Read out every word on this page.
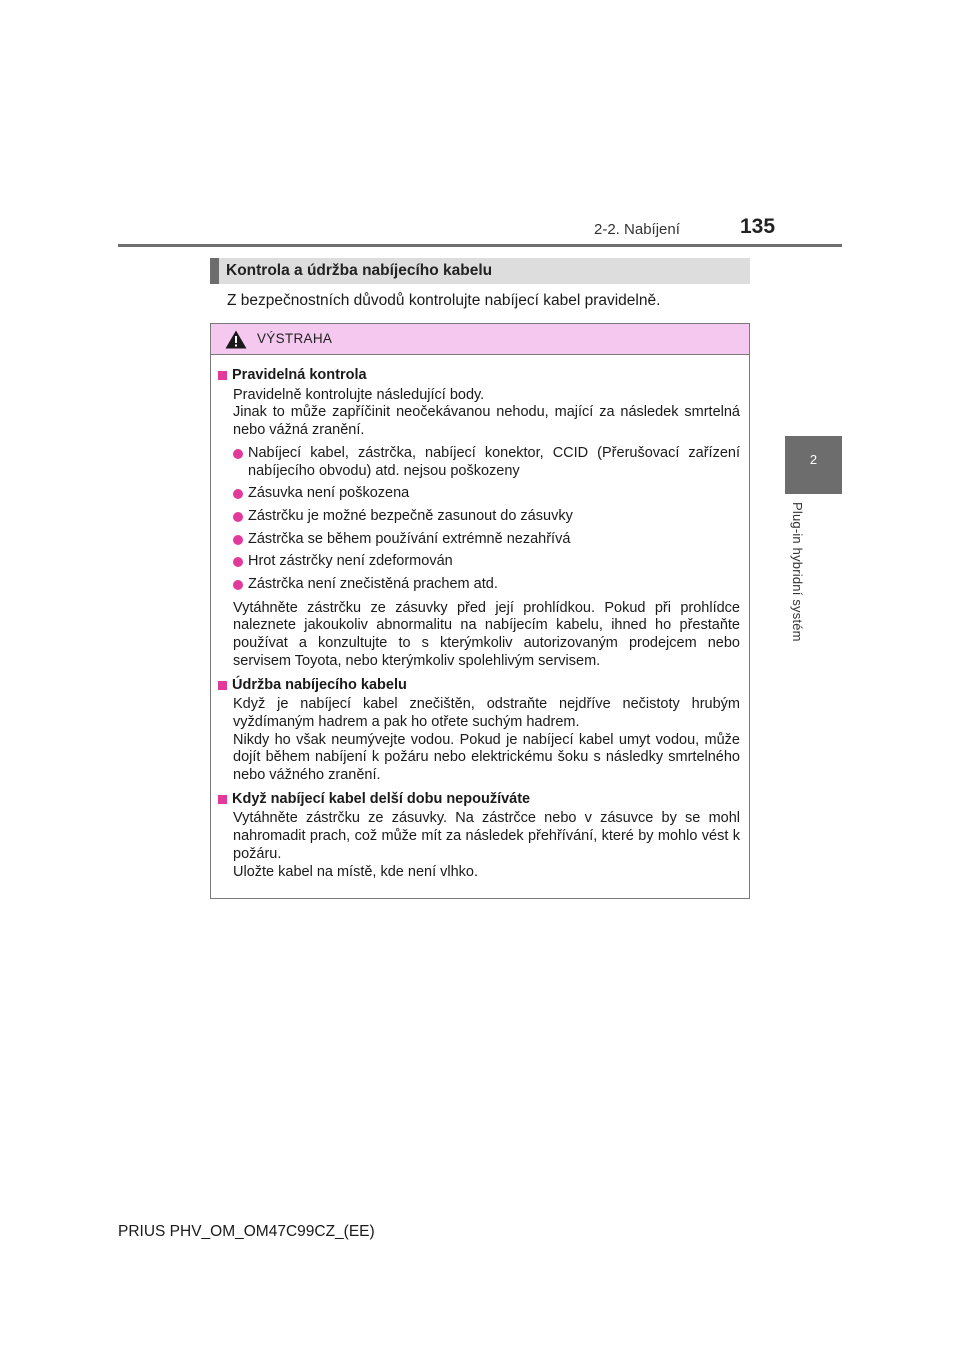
2-2. Nabíjení	135
2
Plug-in hybridní systém
Kontrola a údržba nabíjecího kabelu
Z bezpečnostních důvodů kontrolujte nabíjecí kabel pravidelně.
VÝSTRAHA
Pravidelná kontrola
Pravidelně kontrolujte následující body.
Jinak to může zapříčinit neočekávanou nehodu, mající za následek smrtelná nebo vážná zranění.
Nabíjecí kabel, zástrčka, nabíjecí konektor, CCID (Přerušovací zařízení nabíjecího obvodu) atd. nejsou poškozeny
Zásuvka není poškozena
Zástrčku je možné bezpečně zasunout do zásuvky
Zástrčka se během používání extrémně nezahřívá
Hrot zástrčky není zdeformován
Zástrčka není znečistěná prachem atd.
Vytáhněte zástrčku ze zásuvky před její prohlídkou. Pokud při prohlídce naleznete jakoukoliv abnormalitu na nabíjecím kabelu, ihned ho přestaňte používat a konzultujte to s kterýmkoliv autorizovaným prodejcem nebo servisem Toyota, nebo kterýmkoliv spolehlivým servisem.
Údržba nabíjecího kabelu
Když je nabíjecí kabel znečištěn, odstraňte nejdříve nečistoty hrubým vyždímaným hadrem a pak ho otřete suchým hadrem.
Nikdy ho však neumývejte vodou. Pokud je nabíjecí kabel umyt vodou, může dojít během nabíjení k požáru nebo elektrickému šoku s následky smrtelného nebo vážného zranění.
Když nabíjecí kabel delší dobu nepoužíváte
Vytáhněte zástrčku ze zásuvky. Na zástrčce nebo v zásuvce by se mohl nahromadit prach, což může mít za následek přehřívání, které by mohlo vést k požáru.
Uložte kabel na místě, kde není vlhko.
PRIUS PHV_OM_OM47C99CZ_(EE)
